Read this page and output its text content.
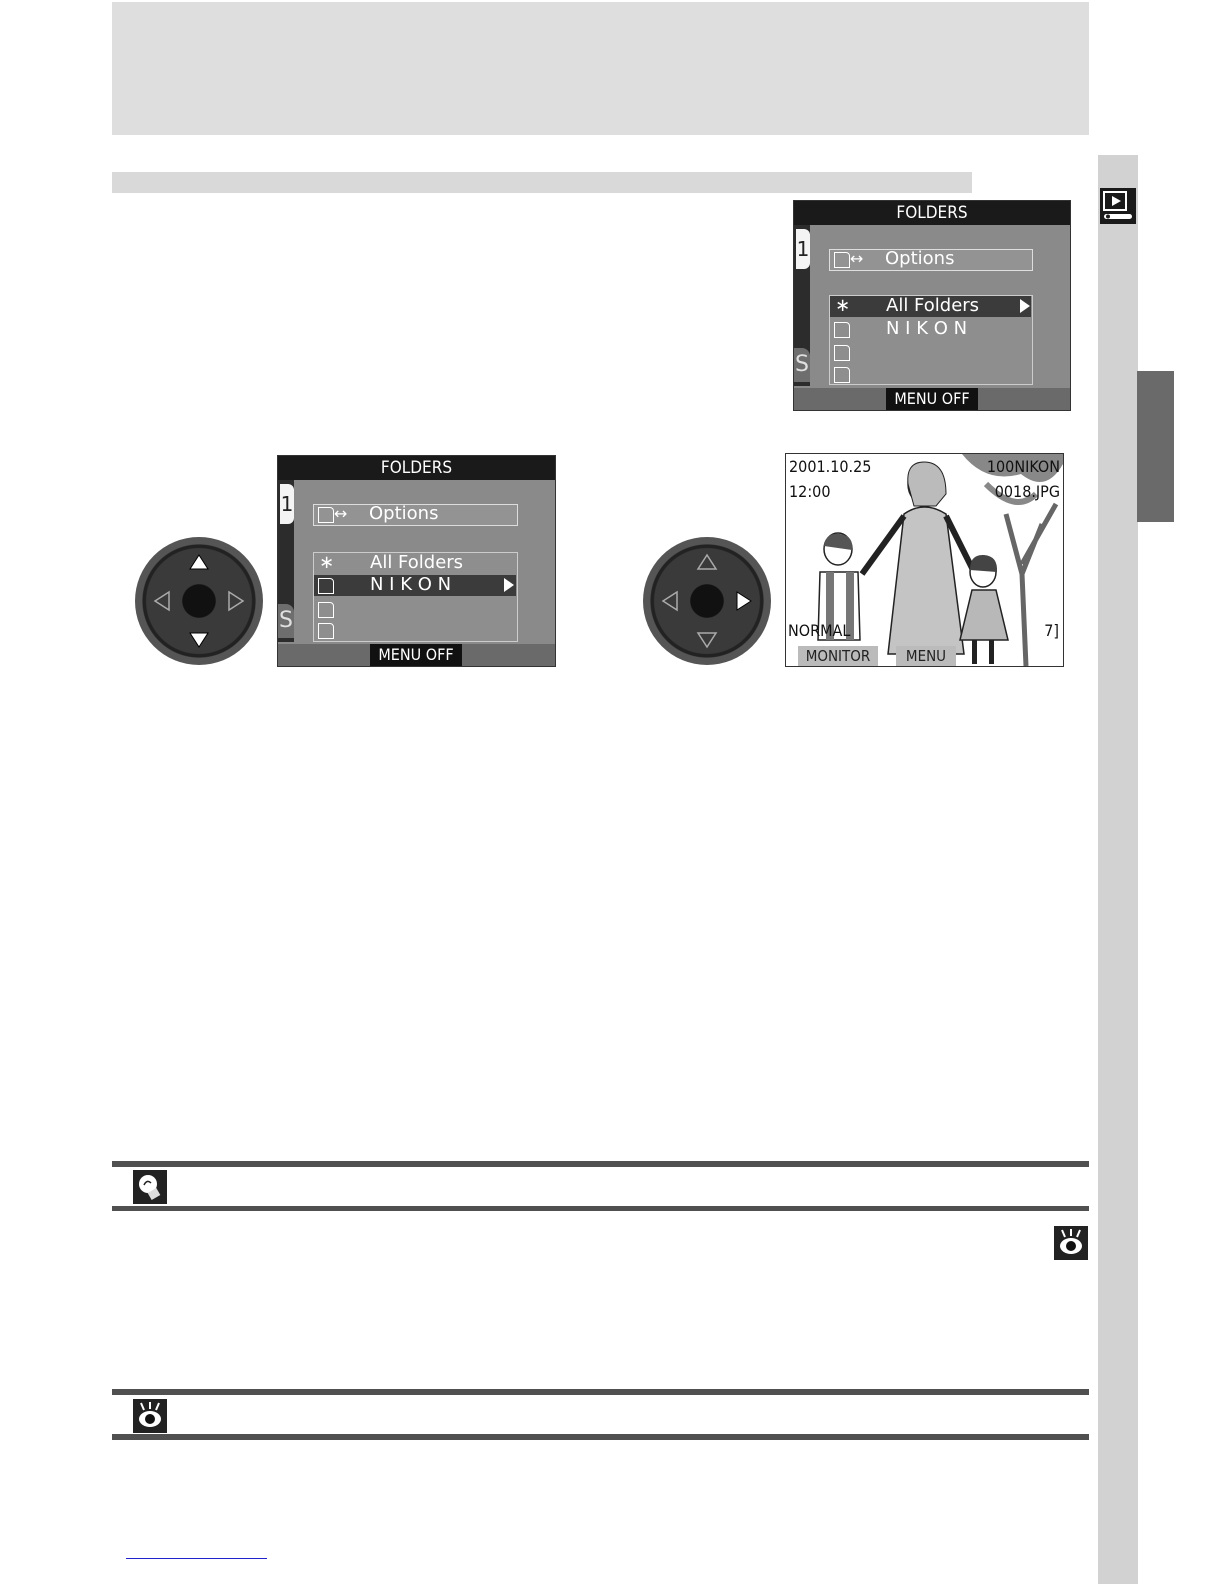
FOLDERS
1
S
↔ Options
∗ All Folders
N I K O N
MENU OFF
FOLDERS
1
S
↔ Options
∗ All Folders
N I K O N
MENU OFF
2001.10.25
12:00
100NIKON
0018.JPG
NORMAL	7]
MONITOR	MENU
